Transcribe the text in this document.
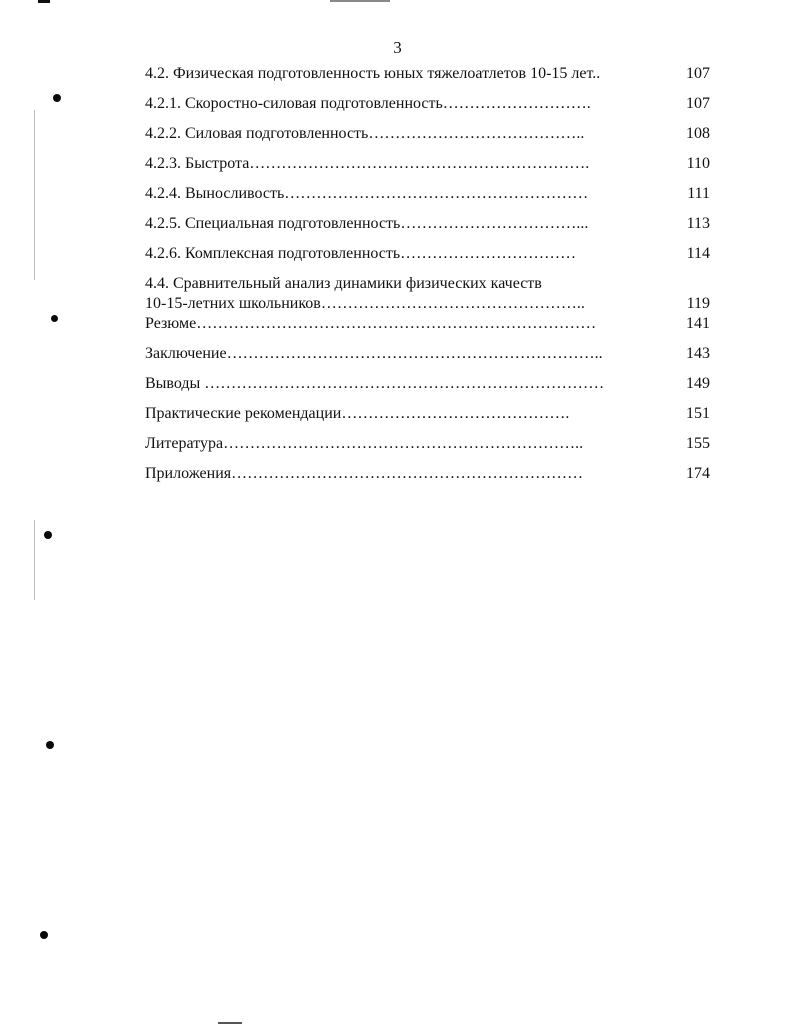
3
4.2. Физическая подготовленность юных тяжелоатлетов 10-15 лет..	107
4.2.1. Скоростно-силовая подготовленность……………………….	107
4.2.2. Силовая подготовленность…………………………………..	108
4.2.3. Быстрота……………………………………………………….	110
4.2.4. Выносливость…………………………………………………	111
4.2.5. Специальная подготовленность……………………………...	113
4.2.6. Комплексная подготовленность……………………………	114
4.4. Сравнительный анализ динамики физических качеств
10-15-летних школьников…………………………………………..	119
Резюме…………………………………………………………………	141
Заключение……………………………………………………………..	143
Выводы …………………………………………………………………	149
Практические рекомендации…………………………………….	151
Литература…………………………………………………………..	155
Приложения…………………………………………………………	174
